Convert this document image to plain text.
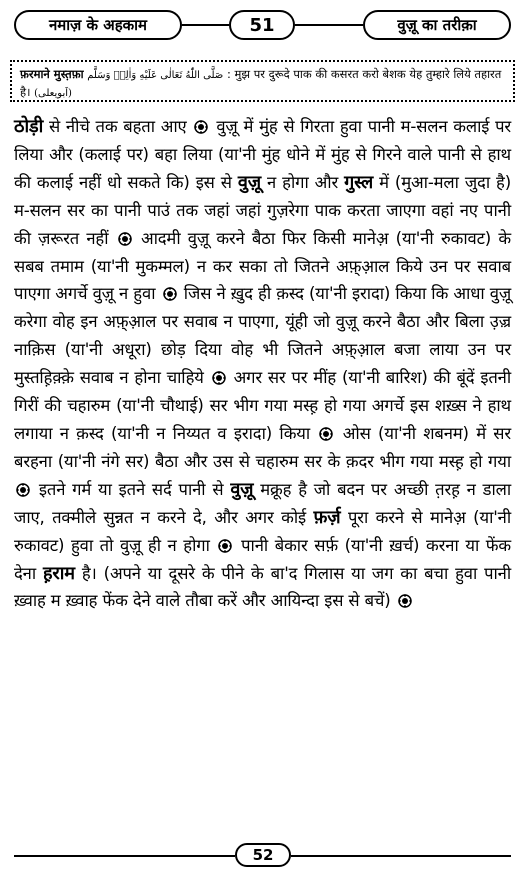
नमाज़ के अहकाम	51	वुज़ू का तरीक़ा
फ़रमाने मुस्त़फ़ा صَلَّى اللّٰهُ تَعَالٰى عَلَيْهِ وَاٰلِهٖ وَسَلَّم : मुझ पर दुरूदे पाक की कसरत करो बेशक येह तुम्हारे लिये तहारत है। (اَبویعلی)
ठोड़ी से नीचे तक बहता आए वुज़ू में मुंह से गिरता हुवा पानी म-सलन कलाई पर लिया और (कलाई पर) बहा लिया (या'नी मुंह धोने में मुंह से गिरने वाले पानी से हाथ की कलाई नहीं धो सकते कि) इस से वुज़ू न होगा और गुस्ल में (मुआ-मला जुदा है) म-सलन सर का पानी पाउं तक जहां जहां गुज़रेगा पाक करता जाएगा वहां नए पानी की ज़रूरत नहीं आदमी वुज़ू करने बैठा फिर किसी मानेअ़ (या'नी रुकावट) के सबब तमाम (या'नी मुकम्मल) न कर सका तो जितने अफ़्आ़ल किये उन पर सवाब पाएगा अगर्चे वुज़ू न हुवा जिस ने ख़ुद ही क़स्द (या'नी इरादा) किया कि आधा वुज़ू करेगा वोह इन अफ़्आ़ल पर सवाब न पाएगा, यूंही जो वुज़ू करने बैठा और बिला उ़ज़्र नाक़िस (या'नी अधूरा) छोड़ दिया वोह भी जितने अफ़्आ़ल बजा लाया उन पर मुस्तह़िक़्क़े सवाब न होना चाहिये अगर सर पर मींह (या'नी बारिश) की बूंदें इतनी गिरीं की चहारुम (या'नी चौथाई) सर भीग गया मस्ह़ हो गया अगर्चे इस शख़्स ने हाथ लगाया न क़स्द (या'नी न निय्यत व इरादा) किया ओस (या'नी शबनम) में सर बरहना (या'नी नंगे सर) बैठा और उस से चहारुम सर के क़दर भीग गया मस्ह़ हो गया  इतने गर्म या इतने सर्द पानी से वुज़ू मक्रूह है जो बदन पर अच्छी त़रह़ न डाला जाए, तक्मीले सुन्नत न करने दे, और अगर कोई फ़र्ज़ पूरा करने से मानेअ़ (या'नी रुकावट) हुवा तो वुज़ू ही न होगा पानी बेकार सर्फ़ (या'नी ख़र्च) करना या फेंक देना ह़राम है। (अपने या दूसरे के पीने के बा'द गिलास या जग का बचा हुवा पानी ख़्वाह म ख़्वाह फेंक देने वाले तौबा करें और आयिन्दा इस से बचें)
52
